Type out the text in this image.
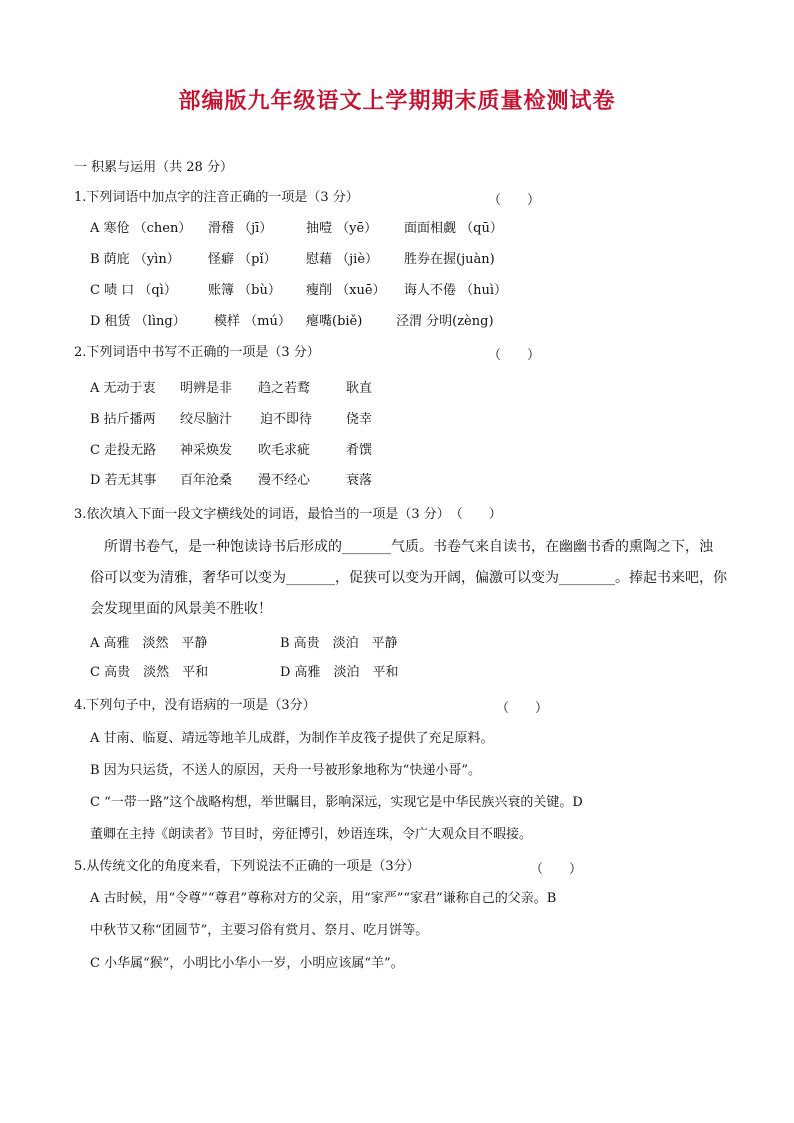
部编版九年级语文上学期期末质量检测试卷
一 积累与运用（共 28 分）
1.下列词语中加点字的注音正确的一项是（3 分）	（　　）
A 寒伧 （chen） 滑稽 （jī）	抽噎 （yē） 面面相觑 （qū）
B 荫庇 （yìn） 怪癖 （pǐ） 慰藉 （jiè） 胜券在握(juàn)
C 啧 口 （qì） 账簿 （bù） 瘦削 （xuē） 诲人不倦 （huì）
D 租赁 （lìng） 模样 （mú） 瘪嘴(biě)	泾渭 分明(zèng)
2.下列词语中书写不正确的一项是（3 分）	（　　）
A 无动于衷 明辨是非 趋之若鹜	耿直
B 拈斤播两 绞尽脑汁 迫不即待	侥幸
C 走投无路 神采焕发 吹毛求疵	肴馔
D 若无其事 百年沧桑 漫不经心	衰落
3.依次填入下面一段文字横线处的词语，最恰当的一项是（3 分）　（　　）

　所谓书卷气，是一种饱读诗书后形成的_______气质。书卷气来自读书，在幽幽书香的熏陶之下，浊

俗可以变为清雅，奢华可以变为_______，促狭可以变为开阔，偏激可以变为________。捧起书来吧，你

会发现里面的风景美不胜收！

A 高雅　淡然　平静	B 高贵　淡泊　平静
C 高贵　淡然　平和	D 高雅　淡泊　平和
4.下列句子中，没有语病的一项是（3分）	（　　）
A 甘南、临夏、靖远等地羊儿成群，为制作羊皮筏子提供了充足原料。
B 因为只运货，不送人的原因，天舟一号被形象地称为“快递小哥”。
C “一带一路”这个战略构想，举世瞩目，影响深远，实现它是中华民族兴衰的关键。D
董卿在主持《朗读者》节目时，旁征博引，妙语连珠，令广大观众目不暇接。
5.从传统文化的角度来看，下列说法不正确的一项是（3分）	（　　）
A 古时候，用“令尊”“尊君”尊称对方的父亲，用“家严”“家君”谦称自己的父亲。B
中秋节又称“团圆节”，主要习俗有赏月、祭月、吃月饼等。
C 小华属“猴”，小明比小华小一岁，小明应该属“羊”。
